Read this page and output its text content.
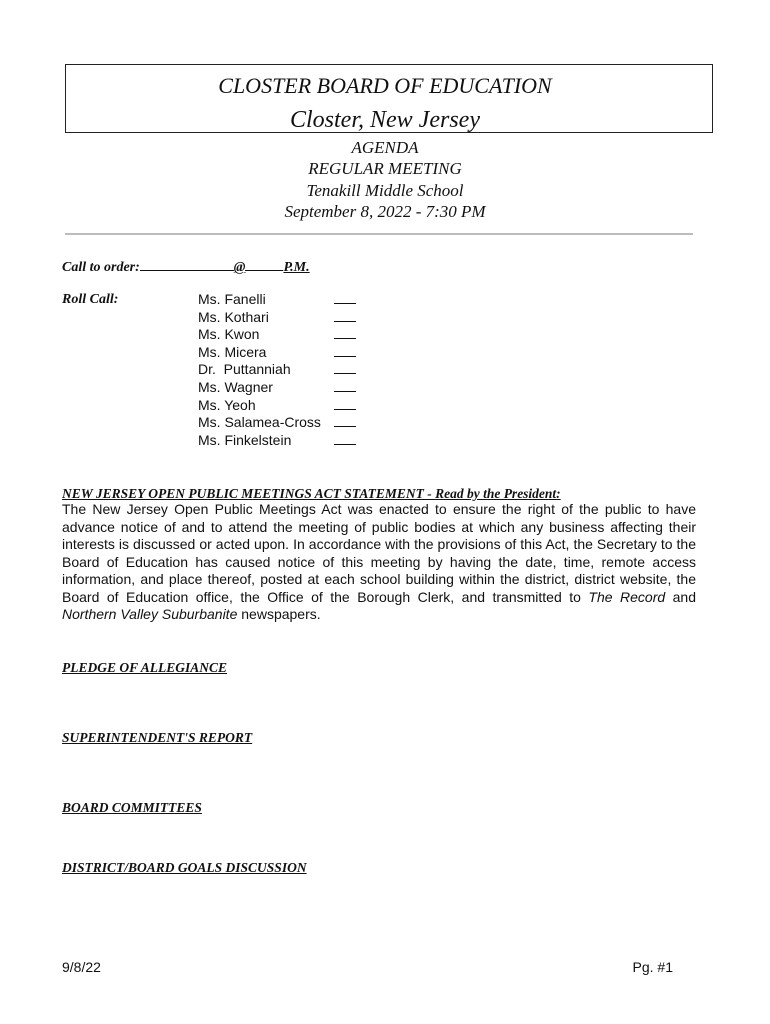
CLOSTER BOARD OF EDUCATION
Closter, New Jersey
AGENDA
REGULAR MEETING
Tenakill Middle School
September 8, 2022 - 7:30 PM
Call to order:	@	P.M.
Roll Call:	Ms. Fanelli
Ms. Kothari
Ms. Kwon
Ms. Micera
Dr.  Puttanniah
Ms. Wagner
Ms. Yeoh
Ms. Salamea-Cross
Ms. Finkelstein
NEW JERSEY OPEN PUBLIC MEETINGS ACT STATEMENT - Read by the President:

The New Jersey Open Public Meetings Act was enacted to ensure the right of the public to have advance notice of and to attend the meeting of public bodies at which any business affecting their interests is discussed or acted upon. In accordance with the provisions of this Act, the Secretary to the Board of Education has caused notice of this meeting by having the date, time, remote access information, and place thereof, posted at each school building within the district, district website, the Board of Education office, the Office of the Borough Clerk, and transmitted to The Record and Northern Valley Suburbanite newspapers.

PLEDGE OF ALLEGIANCE
SUPERINTENDENT'S REPORT
BOARD COMMITTEES
DISTRICT/BOARD GOALS DISCUSSION
9/8/22	Pg. #1
